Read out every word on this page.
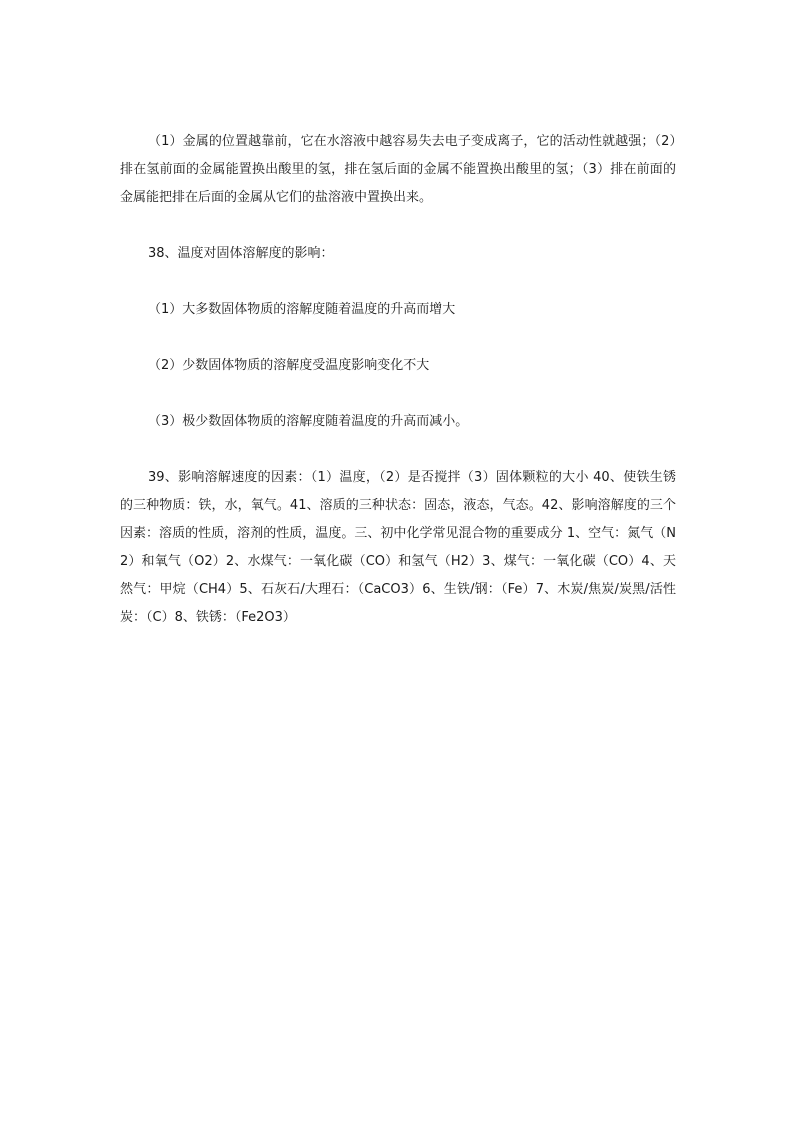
（1）金属的位置越靠前，它在水溶液中越容易失去电子变成离子，它的活动性就越强；（2）排在氢前面的金属能置换出酸里的氢，排在氢后面的金属不能置换出酸里的氢；（3）排在前面的金属能把排在后面的金属从它们的盐溶液中置换出来。

38、温度对固体溶解度的影响：

（1）大多数固体物质的溶解度随着温度的升高而增大

（2）少数固体物质的溶解度受温度影响变化不大

（3）极少数固体物质的溶解度随着温度的升高而减小。

39、影响溶解速度的因素：（1）温度，（2）是否搅拌（3）固体颗粒的大小 40、使铁生锈的三种物质：铁，水，氧气。41、溶质的三种状态：固态，液态，气态。42、影响溶解度的三个因素：溶质的性质，溶剂的性质，温度。三、初中化学常见混合物的重要成分 1、空气：氮气（N2）和氧气（O2）2、水煤气：一氧化碳（CO）和氢气（H2）3、煤气：一氧化碳（CO）4、天然气：甲烷（CH4）5、石灰石/大理石：（CaCO3）6、生铁/钢：（Fe）7、木炭/焦炭/炭黑/活性炭：（C）8、铁锈：（Fe2O3）
